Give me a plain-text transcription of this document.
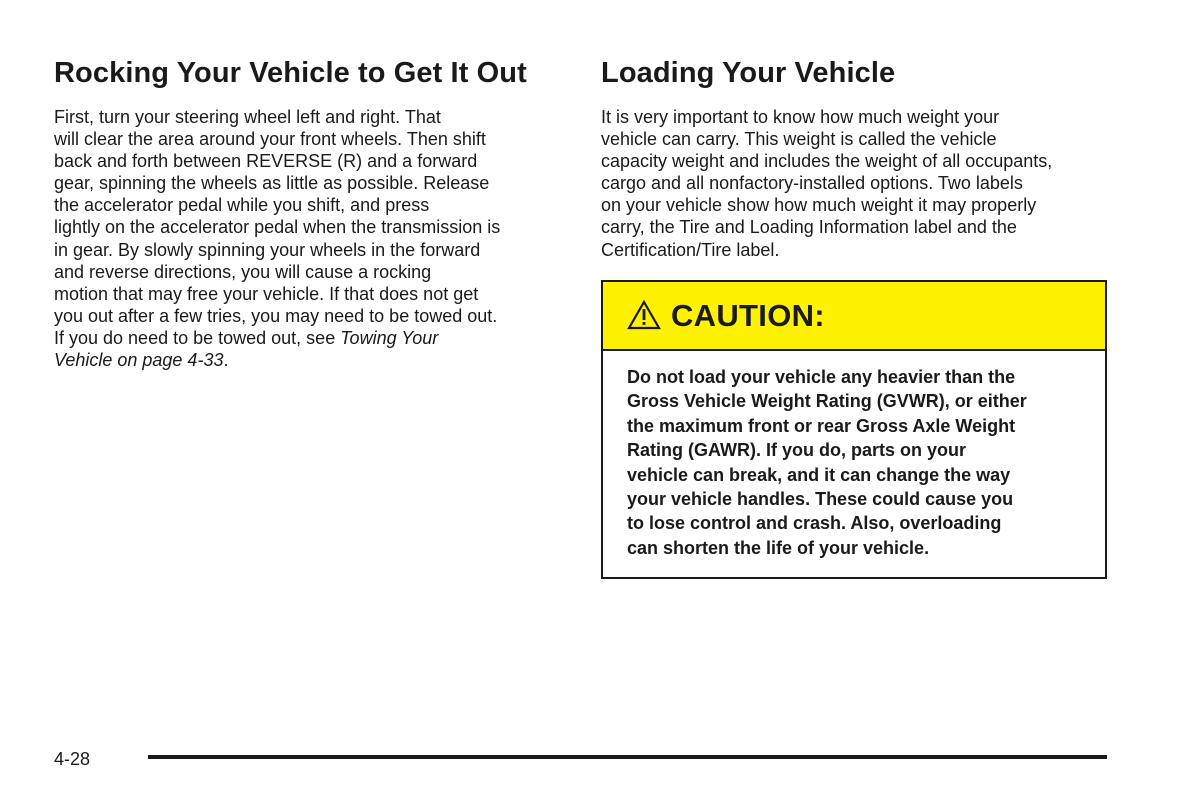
Rocking Your Vehicle to Get It Out

First, turn your steering wheel left and right. That
will clear the area around your front wheels. Then shift
back and forth between REVERSE (R) and a forward
gear, spinning the wheels as little as possible. Release
the accelerator pedal while you shift, and press
lightly on the accelerator pedal when the transmission is
in gear. By slowly spinning your wheels in the forward
and reverse directions, you will cause a rocking
motion that may free your vehicle. If that does not get
you out after a few tries, you may need to be towed out.
If you do need to be towed out, see Towing Your
Vehicle on page 4-33.

Loading Your Vehicle

It is very important to know how much weight your
vehicle can carry. This weight is called the vehicle
capacity weight and includes the weight of all occupants,
cargo and all nonfactory-installed options. Two labels
on your vehicle show how much weight it may properly
carry, the Tire and Loading Information label and the
Certification/Tire label.

CAUTION:
Do not load your vehicle any heavier than the
Gross Vehicle Weight Rating (GVWR), or either
the maximum front or rear Gross Axle Weight
Rating (GAWR). If you do, parts on your
vehicle can break, and it can change the way
your vehicle handles. These could cause you
to lose control and crash. Also, overloading
can shorten the life of your vehicle.
4-28
